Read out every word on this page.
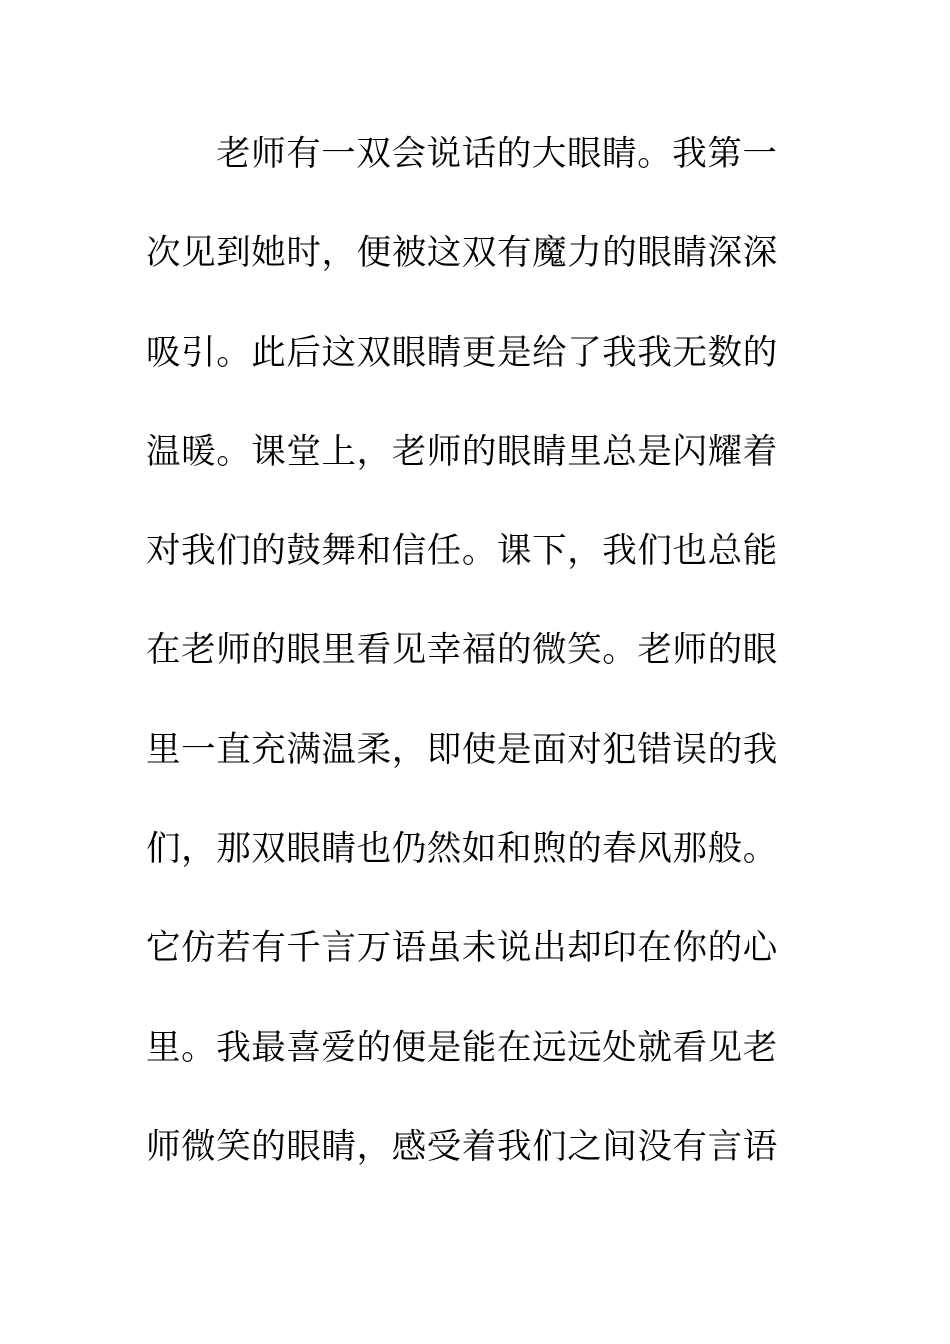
老师有一双会说话的大眼睛。我第一
次见到她时，便被这双有魔力的眼睛深深
吸引。此后这双眼睛更是给了我我无数的
温暖。课堂上，老师的眼睛里总是闪耀着
对我们的鼓舞和信任。课下，我们也总能
在老师的眼里看见幸福的微笑。老师的眼
里一直充满温柔，即使是面对犯错误的我
们，那双眼睛也仍然如和煦的春风那般。
它仿若有千言万语虽未说出却印在你的心
里。我最喜爱的便是能在远远处就看见老
师微笑的眼睛，感受着我们之间没有言语
